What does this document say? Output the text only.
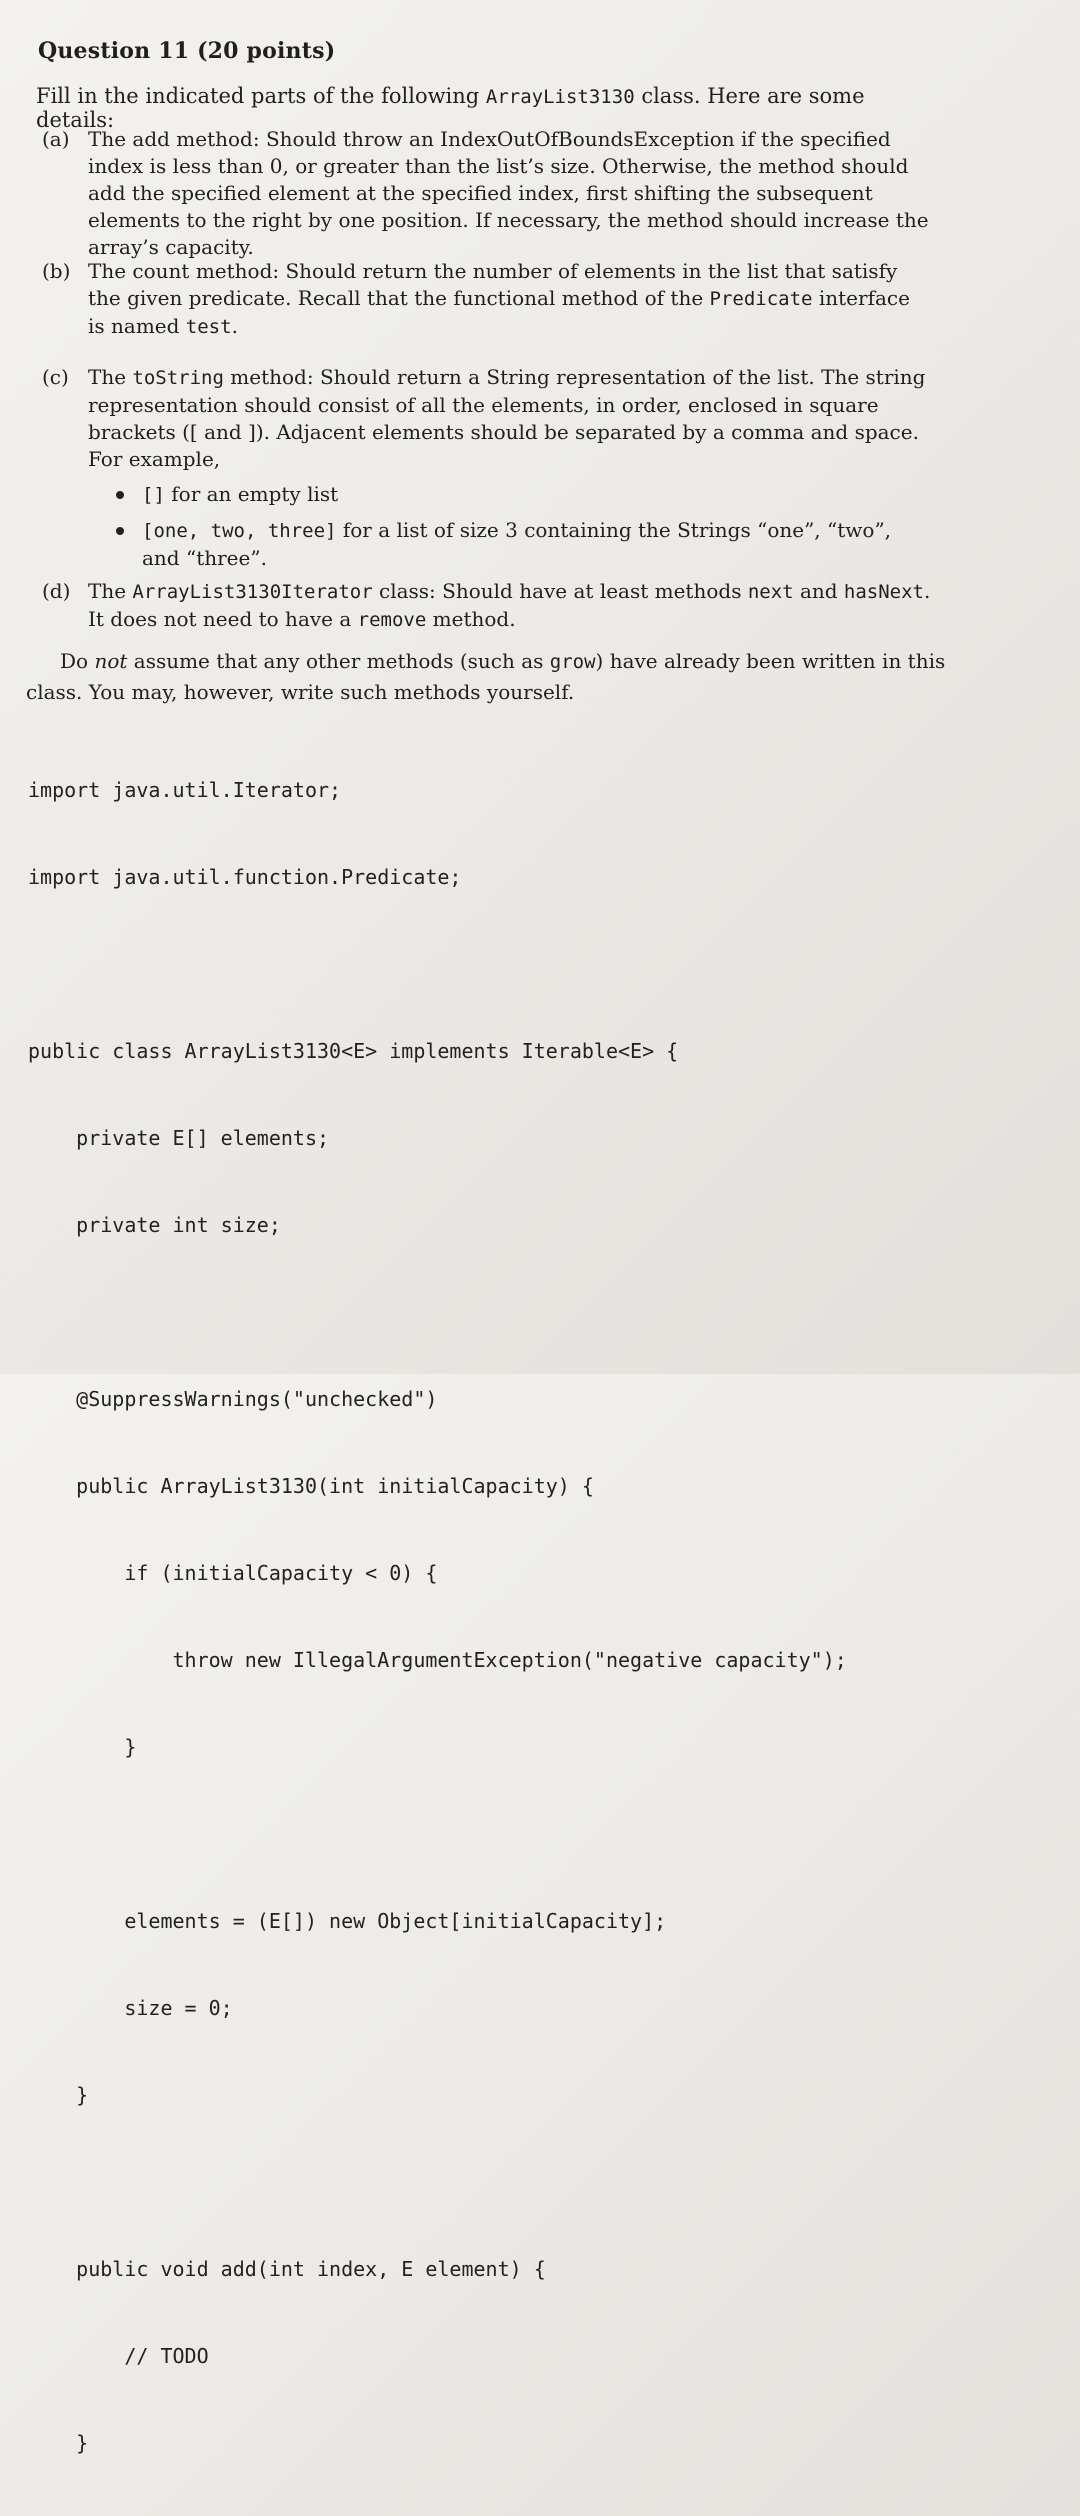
Question 11 (20 points)
Fill in the indicated parts of the following ArrayList3130 class. Here are some details:
(a) The add method: Should throw an IndexOutOfBoundsException if the specified index is less than 0, or greater than the list’s size. Otherwise, the method should add the specified element at the specified index, first shifting the subsequent elements to the right by one position. If necessary, the method should increase the array’s capacity.
(b) The count method: Should return the number of elements in the list that satisfy the given predicate. Recall that the functional method of the Predicate interface is named test.
(c) The toString method: Should return a String representation of the list. The string representation should consist of all the elements, in order, enclosed in square brackets ([ and ]). Adjacent elements should be separated by a comma and space. For example,
[] for an empty list
[one, two, three] for a list of size 3 containing the Strings “one”, “two”, and “three”.
(d) The ArrayList3130Iterator class: Should have at least methods next and hasNext. It does not need to have a remove method.
Do not assume that any other methods (such as grow) have already been written in this class. You may, however, write such methods yourself.

import java.util.Iterator;

import java.util.function.Predicate;

public class ArrayList3130<E> implements Iterable<E> {

private E[] elements;

private int size;

@SuppressWarnings("unchecked")

public ArrayList3130(int initialCapacity) {

if (initialCapacity < 0) {

throw new IllegalArgumentException("negative capacity");

}

elements = (E[]) new Object[initialCapacity];

size = 0;

}

public void add(int index, E element) {

// TODO

}
